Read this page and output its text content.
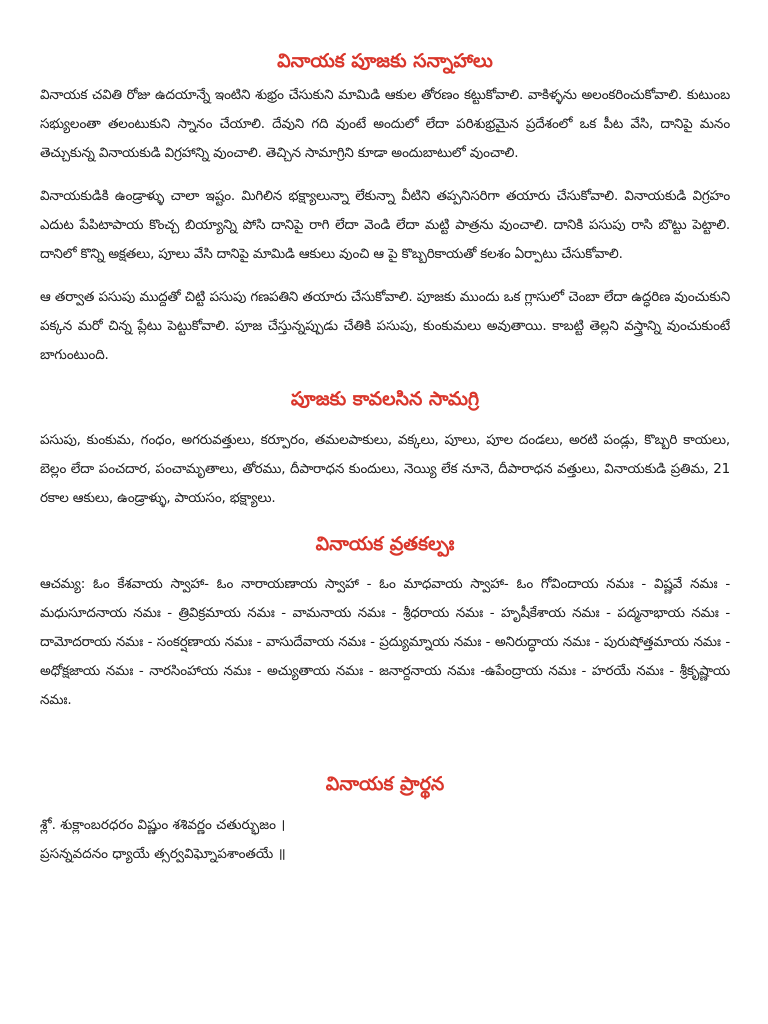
వినాయక పూజకు సన్నాహాలు

వినాయక చవితి రోజు ఉదయాన్నే ఇంటిని శుభ్రం చేసుకుని మామిడి ఆకుల తోరణం కట్టుకోవాలి. వాకిళ్ళను అలంకరించుకోవాలి. కుటుంబ సభ్యులంతా తలంటుకుని స్నానం చేయాలి. దేవుని గది వుంటే అందులో లేదా పరిశుభ్రమైన ప్రదేశంలో ఒక పీట వేసి, దానిపై మనం తెచ్చుకున్న వినాయకుడి విగ్రహాన్ని వుంచాలి. తెచ్చిన సామాగ్రిని కూడా అందుబాటులో వుంచాలి.

వినాయకుడికి ఉండ్రాళ్ళు చాలా ఇష్టం. మిగిలిన భక్ష్యాలున్నా లేకున్నా వీటిని తప్పనిసరిగా తయారు చేసుకోవాలి. వినాయకుడి విగ్రహం ఎదుట పేపిటాపాయ కొంచ్చ బియ్యాన్ని పోసి దానిపై రాగి లేదా వెండి లేదా మట్టి పాత్రను వుంచాలి. దానికి పసుపు రాసి బొట్టు పెట్టాలి. దానిలో కొన్ని అక్షతలు, పూలు వేసి దానిపై మామిడి ఆకులు వుంచి ఆ పై కొబ్బరికాయతో కలశం ఏర్పాటు చేసుకోవాలి.

ఆ తర్వాత పసుపు ముద్దతో చిట్టి పసుపు గణపతిని తయారు చేసుకోవాలి. పూజకు ముందు ఒక గ్లాసులో చెంబా లేదా ఉద్ధరిణ వుంచుకుని పక్కన మరో చిన్న ప్లేటు పెట్టుకోవాలి. పూజ చేస్తున్నప్పుడు చేతికి పసుపు, కుంకుమలు అవుతాయి. కాబట్టి తెల్లని వస్త్రాన్ని వుంచుకుంటే బాగుంటుంది.

పూజకు కావలసిన సామగ్రి

పసుపు, కుంకుమ, గంధం, అగరువత్తులు, కర్పూరం, తమలపాకులు, వక్కలు, పూలు, పూల దండలు, అరటి పండ్లు, కొబ్బరి కాయలు, బెల్లం లేదా పంచదార, పంచామృతాలు, తోరము, దీపారాధన కుందులు, నెయ్యి లేక నూనె, దీపారాధన వత్తులు, వినాయకుడి ప్రతిమ, 21 రకాల ఆకులు, ఉండ్రాళ్ళు, పాయసం, భక్ష్యాలు.

వినాయక వ్రతకల్పః

ఆచమ్య: ఓం కేశవాయ స్వాహా- ఓం నారాయణాయ స్వాహా - ఓం మాధవాయ స్వాహా- ఓం గోవిందాయ నమః - విష్ణవే నమః - మధుసూదనాయ నమః - త్రివిక్రమాయ నమః - వామనాయ నమః - శ్రీధరాయ నమః - హృషీకేశాయ నమః - పద్మనాభాయ నమః - దామోదరాయ నమః - సంకర్షణాయ నమః - వాసుదేవాయ నమః - ప్రద్యుమ్నాయ నమః - అనిరుద్ధాయ నమః - పురుషోత్తమాయ నమః - అధోక్షజాయ నమః - నారసింహాయ నమః - అచ్యుతాయ నమః - జనార్దనాయ నమః -ఉపేంద్రాయ నమః - హరయే నమః - శ్రీకృష్ణాయ నమః.

వినాయక ప్రార్థన

శ్లో. శుక్లాంబరధరం విష్ణుం శశివర్ణం చతుర్భుజం ।

ప్రసన్నవదనం ధ్యాయే త్సర్వవిఘ్నోపశాంతయే ॥
